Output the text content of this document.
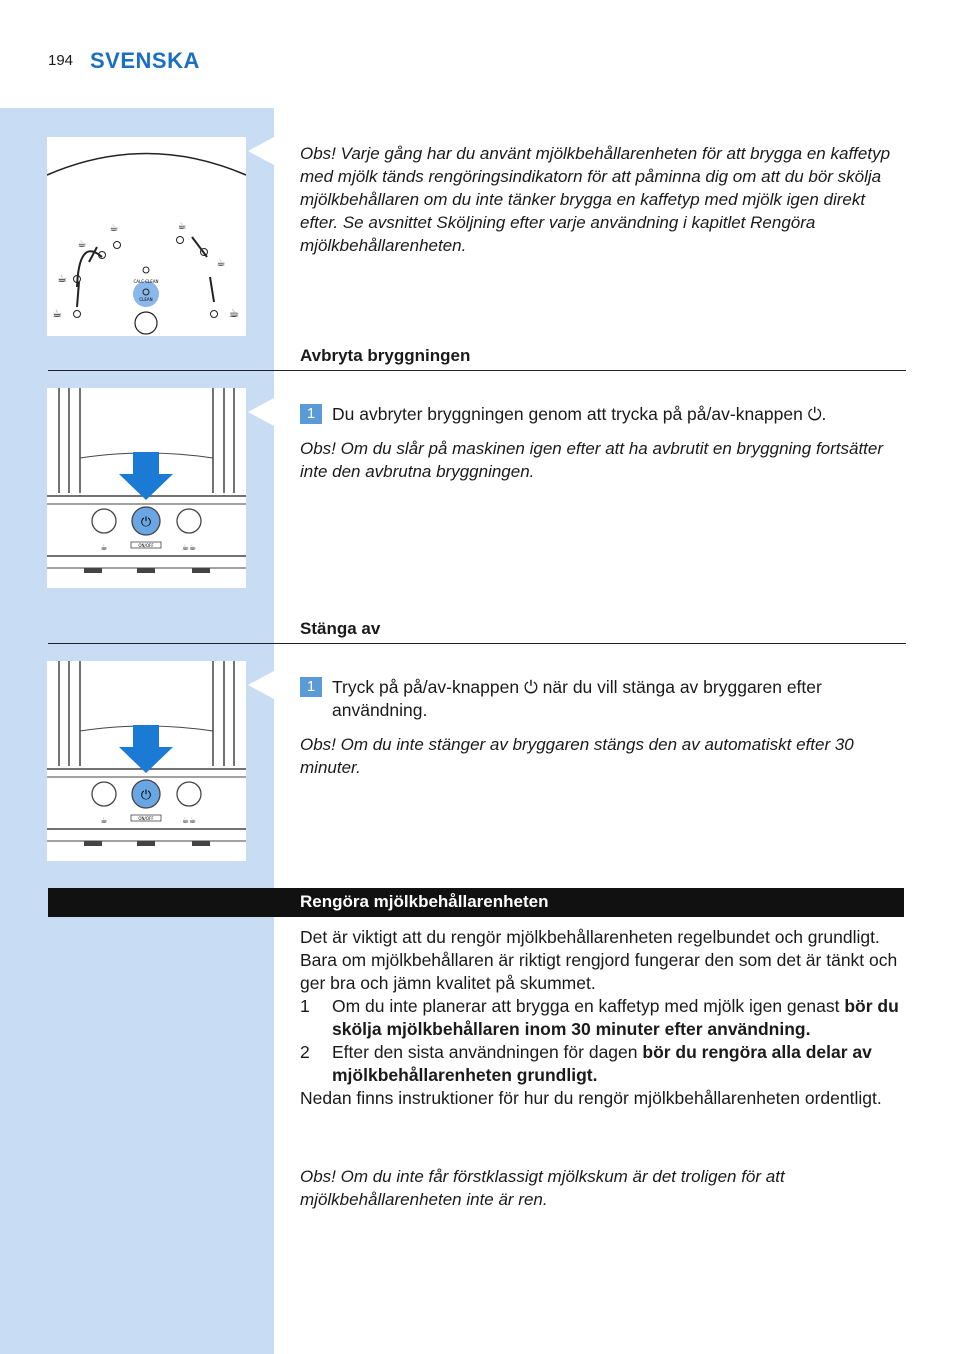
194 SVENSKA
CALC CLEAN
CLEAN
☕
☕
☕
☕
☕
☕
☕
Obs! Varje gång har du använt mjölkbehållarenheten för att brygga en kaffetyp med mjölk tänds rengöringsindikatorn för att påminna dig om att du bör skölja mjölkbehållaren om du inte tänker brygga en kaffetyp med mjölk igen direkt efter. Se avsnittet Sköljning efter varje användning i kapitlet Rengöra mjölkbehållarenheten.
Avbryta bryggningen
⏻
☕	ON/OFF	☕☕
1 Du avbryter bryggningen genom att trycka på på/av-knappen ⏻.
Obs! Om du slår på maskinen igen efter att ha avbrutit en bryggning fortsätter inte den avbrutna bryggningen.
Stänga av
⏻
☕	ON/OFF	☕☕
1 Tryck på på/av-knappen ⏻ när du vill stänga av bryggaren efter användning.
Obs! Om du inte stänger av bryggaren stängs den av automatiskt efter 30 minuter.
Rengöra mjölkbehållarenheten

Det är viktigt att du rengör mjölkbehållarenheten regelbundet och grundligt. Bara om mjölkbehållaren är riktigt rengjord fungerar den som det är tänkt och ger bra och jämn kvalitet på skummet.

1	Om du inte planerar att brygga en kaffetyp med mjölk igen genast bör du skölja mjölkbehållaren inom 30 minuter efter användning.
2	Efter den sista användningen för dagen bör du rengöra alla delar av mjölkbehållarenheten grundligt.

Nedan finns instruktioner för hur du rengör mjölkbehållarenheten ordentligt.

Obs! Om du inte får förstklassigt mjölkskum är det troligen för att mjölkbehållarenheten inte är ren.
